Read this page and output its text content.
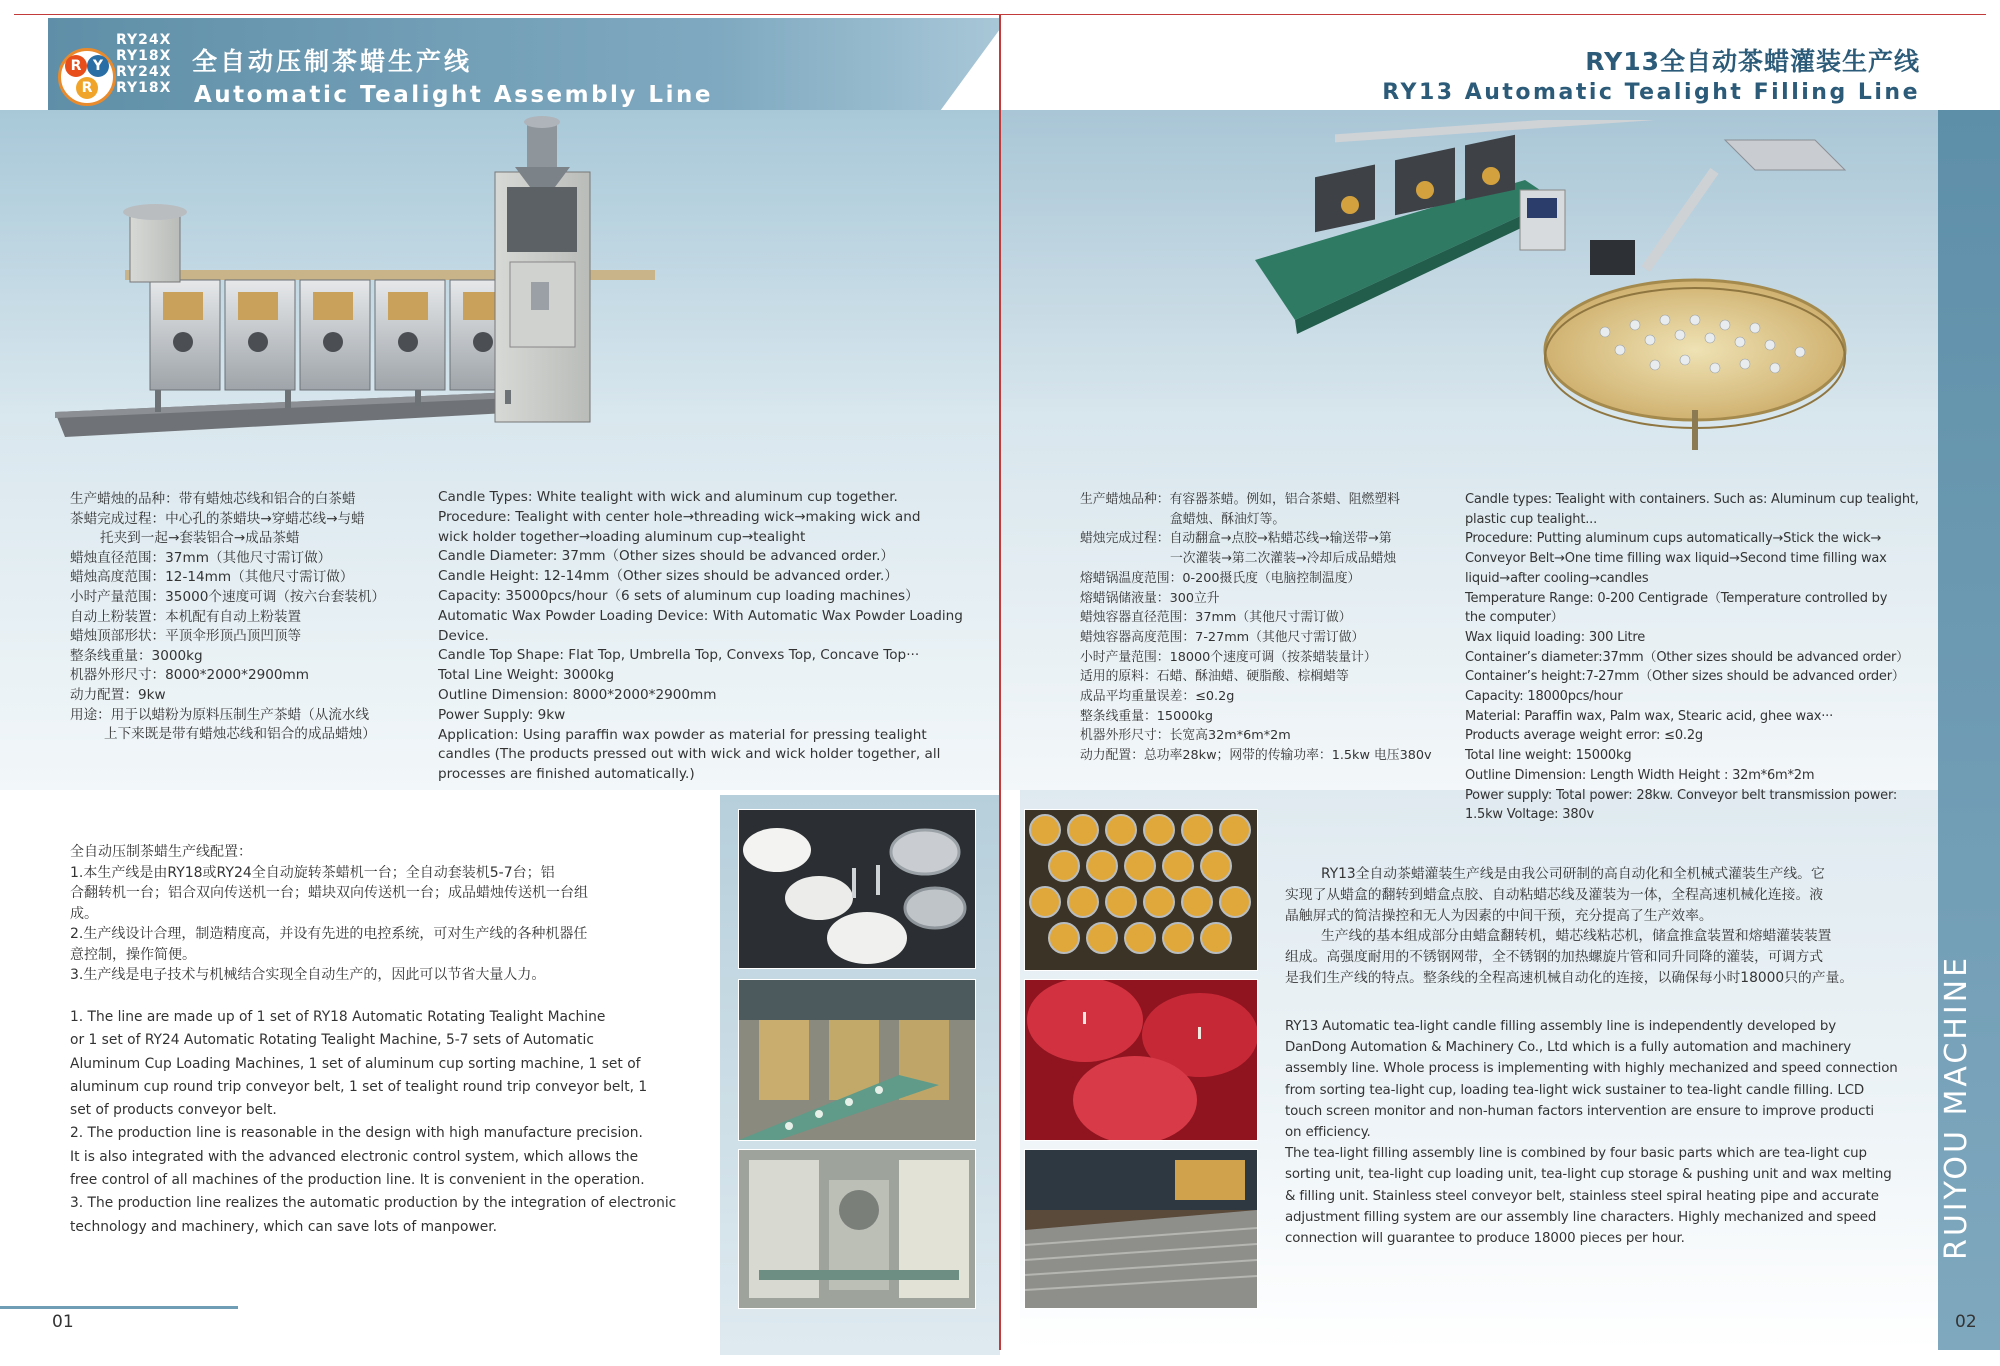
R Y
R
RY24X
RY18X
RY24X
RY18X
全自动压制茶蜡生产线
Automatic Tealight Assembly Line
生产蜡烛的品种：带有蜡烛芯线和铝合的白茶蜡
茶蜡完成过程：中心孔的茶蜡块→穿蜡芯线→与蜡
托夹到一起→套装铝合→成品茶蜡
蜡烛直径范围：37mm（其他尺寸需订做）
蜡烛高度范围：12-14mm（其他尺寸需订做）
小时产量范围：35000个速度可调（按六台套装机）
自动上粉装置：本机配有自动上粉装置
蜡烛顶部形状：平顶伞形顶凸顶凹顶等
整条线重量：3000kg
机器外形尺寸：8000*2000*2900mm
动力配置：9kw
用途：用于以蜡粉为原料压制生产茶蜡（从流水线
上下来既是带有蜡烛芯线和铝合的成品蜡烛）
Candle Types: White tealight with wick and aluminum cup together.
Procedure: Tealight with center hole→threading wick→making wick and
wick holder together→loading aluminum cup→tealight
Candle Diameter: 37mm（Other sizes should be advanced order.）
Candle Height: 12-14mm（Other sizes should be advanced order.）
Capacity: 35000pcs/hour（6 sets of aluminum cup loading machines）
Automatic Wax Powder Loading Device: With Automatic Wax Powder Loading
Device.
Candle Top Shape: Flat Top, Umbrella Top, Convexs Top, Concave Top···
Total Line Weight: 3000kg
Outline Dimension: 8000*2000*2900mm
Power Supply: 9kw
Application: Using paraffin wax powder as material for pressing tealight
candles (The products pressed out with wick and wick holder together, all
processes are finished automatically.)
全自动压制茶蜡生产线配置：
1.本生产线是由RY18或RY24全自动旋转茶蜡机一台；全自动套装机5-7台；铝
合翻转机一台；铝合双向传送机一台；蜡块双向传送机一台；成品蜡烛传送机一台组
成。
2.生产线设计合理，制造精度高，并设有先进的电控系统，可对生产线的各种机器任
意控制，操作简便。
3.生产线是电子技术与机械结合实现全自动生产的，因此可以节省大量人力。
1. The line are made up of 1 set of RY18 Automatic Rotating Tealight Machine
or 1 set of RY24 Automatic Rotating Tealight Machine, 5-7 sets of Automatic
Aluminum Cup Loading Machines, 1 set of aluminum cup sorting machine, 1 set of
aluminum cup round trip conveyor belt, 1 set of tealight round trip conveyor belt, 1
set of products conveyor belt.
2. The production line is reasonable in the design with high manufacture precision.
It is also integrated with the advanced electronic control system, which allows the
free control of all machines of the production line. It is convenient in the operation.
3. The production line realizes the automatic production by the integration of electronic
technology and machinery, which can save lots of manpower.
01
RY13全自动茶蜡灌装生产线
RY13 Automatic Tealight Filling Line
生产蜡烛品种：有容器茶蜡。例如，铝合茶蜡、阻燃塑料
盒蜡烛、酥油灯等。
蜡烛完成过程：自动翻盒→点胶→粘蜡芯线→输送带→第
一次灌装→第二次灌装→冷却后成品蜡烛
熔蜡锅温度范围：0-200摄氏度（电脑控制温度）
熔蜡锅储液量：300立升
蜡烛容器直径范围：37mm（其他尺寸需订做）
蜡烛容器高度范围：7-27mm（其他尺寸需订做）
小时产量范围：18000个速度可调（按茶蜡装量计）
适用的原料：石蜡、酥油蜡、硬脂酸、棕榈蜡等
成品平均重量误差：≤0.2g
整条线重量：15000kg
机器外形尺寸：长宽高32m*6m*2m
动力配置：总功率28kw；网带的传输功率：1.5kw 电压380v
Candle types: Tealight with containers. Such as: Aluminum cup tealight,
plastic cup tealight...
Procedure: Putting aluminum cups automatically→Stick the wick→
Conveyor Belt→One time filling wax liquid→Second time filling wax
liquid→after cooling→candles
Temperature Range: 0-200 Centigrade（Temperature controlled by
the computer）
Wax liquid loading: 300 Litre
Container’s diameter:37mm（Other sizes should be advanced order）
Container’s height:7-27mm（Other sizes should be advanced order）
Capacity: 18000pcs/hour
Material: Paraffin wax, Palm wax, Stearic acid, ghee wax···
Products average weight error: ≤0.2g
Total line weight: 15000kg
Outline Dimension: Length Width Height : 32m*6m*2m
Power supply: Total power: 28kw. Conveyor belt transmission power:
1.5kw Voltage: 380v
RY13全自动茶蜡灌装生产线是由我公司研制的高自动化和全机械式灌装生产线。它
实现了从蜡盒的翻转到蜡盒点胶、自动粘蜡芯线及灌装为一体，全程高速机械化连接。液
晶触屏式的简洁操控和无人为因素的中间干预，充分提高了生产效率。
生产线的基本组成部分由蜡盒翻转机，蜡芯线粘芯机，储盒推盒装置和熔蜡灌装装置
组成。高强度耐用的不锈钢网带，全不锈钢的加热螺旋片管和同升同降的灌装，可调方式
是我们生产线的特点。整条线的全程高速机械自动化的连接，以确保每小时18000只的产量。
RY13 Automatic tea-light candle filling assembly line is independently developed by
DanDong Automation & Machinery Co., Ltd which is a fully automation and machinery
assembly line. Whole process is implementing with highly mechanized and speed connection
from sorting tea-light cup, loading tea-light wick sustainer to tea-light candle filling. LCD
touch screen monitor and non-human factors intervention are ensure to improve producti
on efficiency.
The tea-light filling assembly line is combined by four basic parts which are tea-light cup
sorting unit, tea-light cup loading unit, tea-light cup storage & pushing unit and wax melting
& filling unit. Stainless steel conveyor belt, stainless steel spiral heating pipe and accurate
adjustment filling system are our assembly line characters. Highly mechanized and speed
connection will guarantee to produce 18000 pieces per hour.	RUIYOU MACHINE
02
